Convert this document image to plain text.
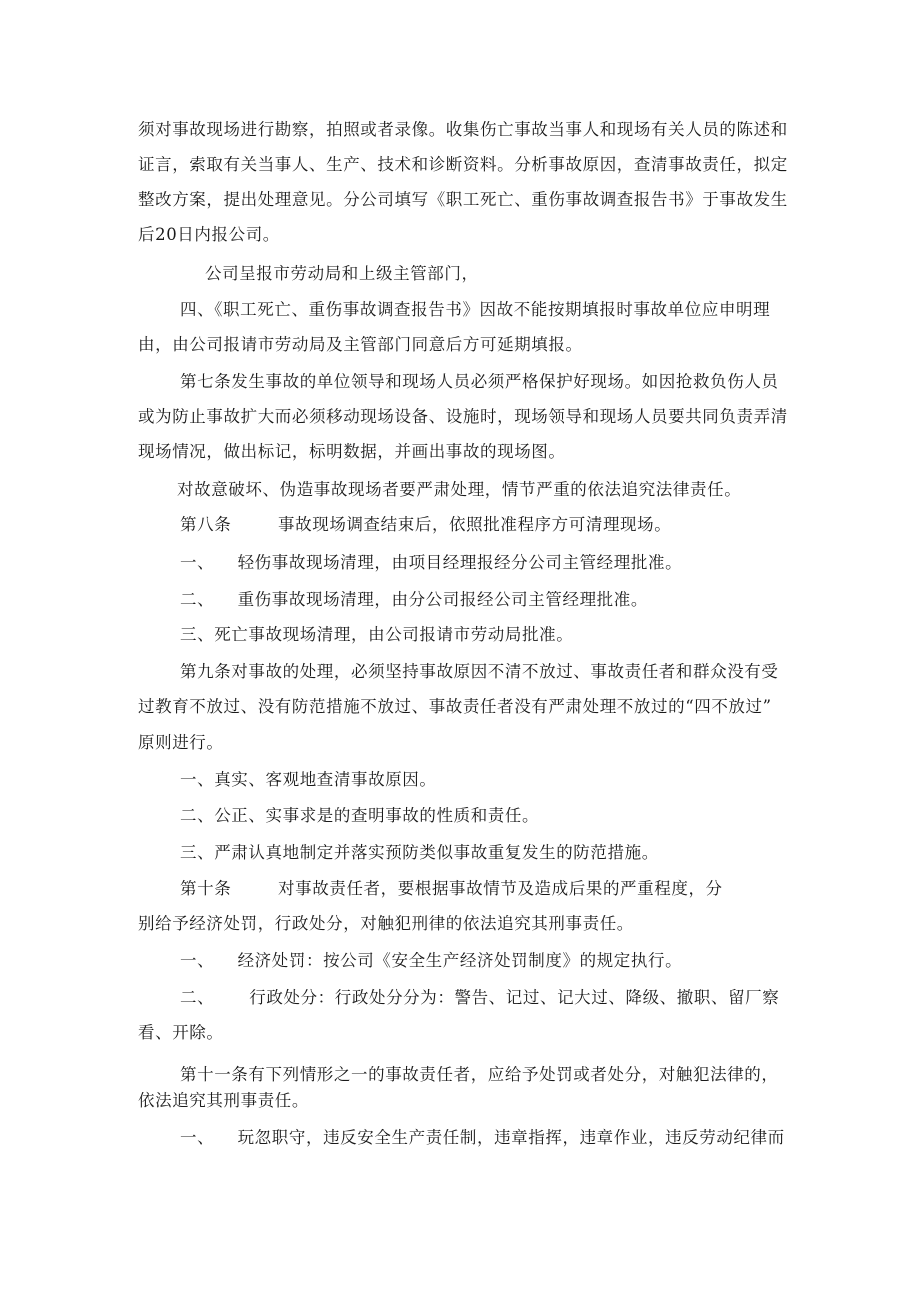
须对事故现场进行勘察，拍照或者录像。收集伤亡事故当事人和现场有关人员的陈述和
证言，索取有关当事人、生产、技术和诊断资料。分析事故原因，查清事故责任，拟定
整改方案，提出处理意见。分公司填写《职工死亡、重伤事故调查报告书》于事故发生
后20日内报公司。
公司呈报市劳动局和上级主管部门，
四、《职工死亡、重伤事故调查报告书》因故不能按期填报时事故单位应申明理
由，由公司报请市劳动局及主管部门同意后方可延期填报。
第七条发生事故的单位领导和现场人员必须严格保护好现场。如因抢救负伤人员
或为防止事故扩大而必须移动现场设备、设施时，现场领导和现场人员要共同负责弄清
现场情况，做出标记，标明数据，并画出事故的现场图。
对故意破坏、伪造事故现场者要严肃处理，情节严重的依法追究法律责任。
第八条        事故现场调查结束后，依照批准程序方可清理现场。
一、    轻伤事故现场清理，由项目经理报经分公司主管经理批准。
二、    重伤事故现场清理，由分公司报经公司主管经理批准。
三、死亡事故现场清理，由公司报请市劳动局批准。
第九条对事故的处理，必须坚持事故原因不清不放过、事故责任者和群众没有受
过教育不放过、没有防范措施不放过、事故责任者没有严肃处理不放过的“四不放过”
原则进行。
一、真实、客观地查清事故原因。
二、公正、实事求是的查明事故的性质和责任。
三、严肃认真地制定并落实预防类似事故重复发生的防范措施。
第十条        对事故责任者，要根据事故情节及造成后果的严重程度，分
别给予经济处罚，行政处分，对触犯刑律的依法追究其刑事责任。
一、    经济处罚：按公司《安全生产经济处罚制度》的规定执行。
二、      行政处分：行政处分分为：警告、记过、记大过、降级、撤职、留厂察
看、开除。
第十一条有下列情形之一的事故责任者，应给予处罚或者处分，对触犯法律的，
依法追究其刑事责任。
一、    玩忽职守，违反安全生产责任制，违章指挥，违章作业，违反劳动纪律而
